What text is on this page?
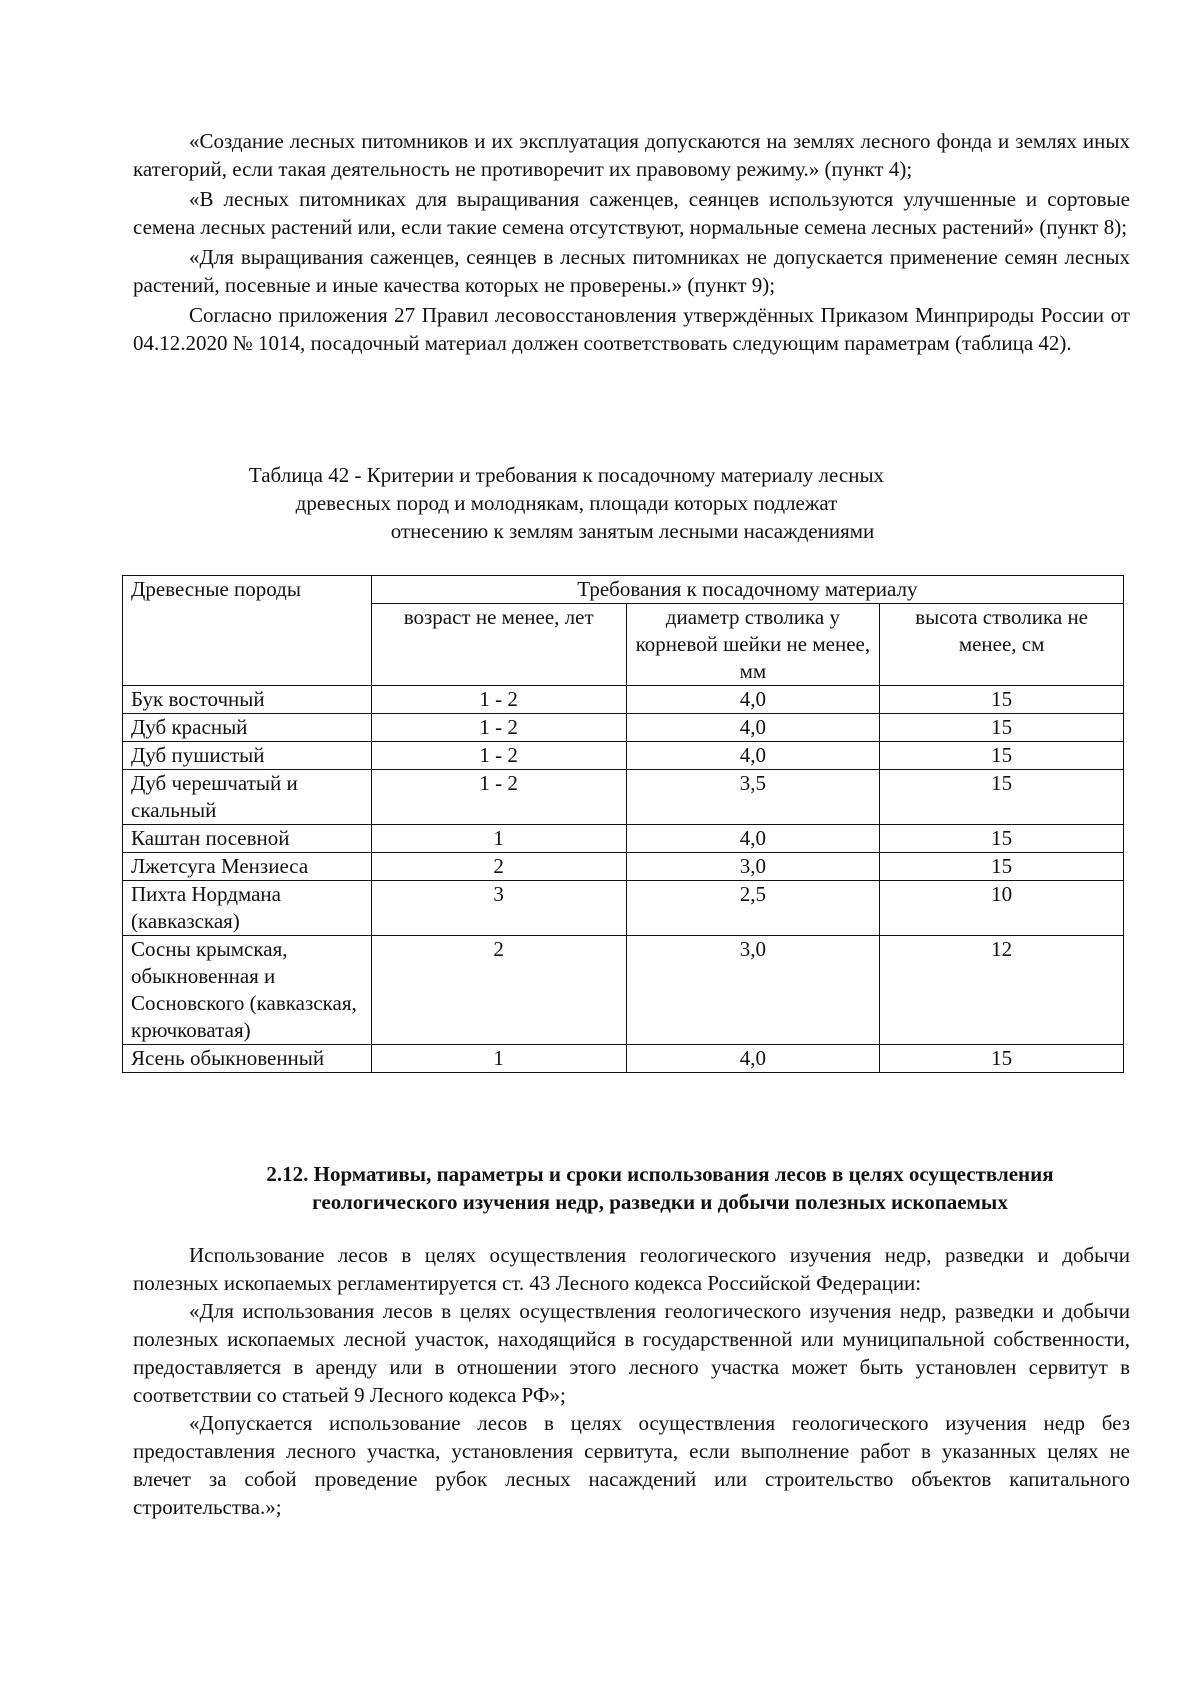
«Создание лесных питомников и их эксплуатация допускаются на землях лесного фонда и землях иных категорий, если такая деятельность не противоречит их правовому режиму.» (пункт 4);

«В лесных питомниках для выращивания саженцев, сеянцев используются улучшенные и сортовые семена лесных растений или, если такие семена отсутствуют, нормальные семена лесных растений» (пункт 8);

«Для выращивания саженцев, сеянцев в лесных питомниках не допускается применение семян лесных растений, посевные и иные качества которых не проверены.» (пункт 9);

Согласно приложения 27 Правил лесовосстановления утверждённых Приказом Минприроды России от 04.12.2020 № 1014, посадочный материал должен соответствовать следующим параметрам (таблица 42).

Таблица 42 - Критерии и требования к посадочному материалу лесных
древесных пород и молоднякам, площади которых подлежат
отнесению к землям занятым лесными насаждениями
Древесные породы	Требования к посадочному материалу		
	возраст не менее, лет	диаметр стволика у корневой шейки не менее, мм	высота стволика не менее, см
Бук восточный	1 - 2	4,0	15
Дуб красный	1 - 2	4,0	15
Дуб пушистый	1 - 2	4,0	15
Дуб черешчатый и скальный	1 - 2	3,5	15
Каштан посевной	1	4,0	15
Лжетсуга Мензиеса	2	3,0	15
Пихта Нордмана (кавказская)	3	2,5	10
Сосны крымская, обыкновенная и Сосновского (кавказская, крючковатая)	2	3,0	12
Ясень обыкновенный	1	4,0	15
2.12. Нормативы, параметры и сроки использования лесов в целях осуществления
геологического изучения недр, разведки и добычи полезных ископаемых

Использование лесов в целях осуществления геологического изучения недр, разведки и добычи полезных ископаемых регламентируется ст. 43 Лесного кодекса Российской Федерации:

«Для использования лесов в целях осуществления геологического изучения недр, разведки и добычи полезных ископаемых лесной участок, находящийся в государственной или муниципальной собственности, предоставляется в аренду или в отношении этого лесного участка может быть установлен сервитут в соответствии со статьей 9 Лесного кодекса РФ»;

«Допускается использование лесов в целях осуществления геологического изучения недр без предоставления лесного участка, установления сервитута, если выполнение работ в указанных целях не влечет за собой проведение рубок лесных насаждений или строительство объектов капитального строительства.»;
